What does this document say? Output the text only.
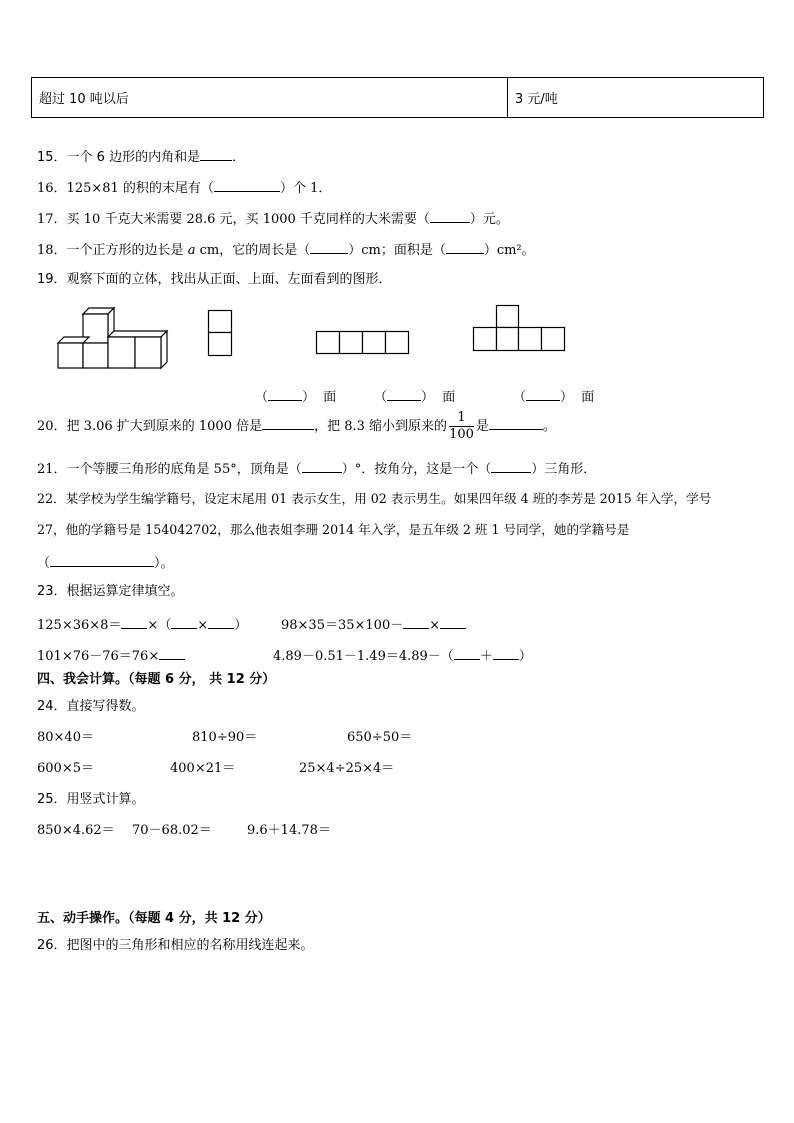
超过 10 吨以后	3 元/吨
15．一个 6 边形的内角和是 ．
16．125×81 的积的末尾有（	）个 1．
17．买 10 千克大米需要 28.6 元，买 1000 千克同样的大米需要（	）元。
18．一个正方形的边长是 a cm，它的周长是（	）cm；面积是（	）cm²。
19．观察下面的立体，找出从正面、上面、左面看到的图形．
（	） 面	（	） 面	（	） 面
20．把 3.06 扩大到原来的 1000 倍是	，把 8.3 缩小到原来的 $\frac{1}{100}$ 是	。
21．一个等腰三角形的底角是 55°，顶角是（	）°．按角分，这是一个（	）三角形．
22．某学校为学生编学籍号，设定末尾用 01 表示女生，用 02 表示男生。如果四年级 4 班的李芳是 2015 年入学，学号
27，他的学籍号是 154042702，那么他表姐李珊 2014 年入学，是五年级 2 班 1 号同学，她的学籍号是
（	）。
23．根据运算定律填空。
125×36×8＝ ×（ × ）	98×35＝35×100－ ×
101×76－76＝76×	4.89－0.51－1.49＝4.89－（ ＋ ）
四、我会计算。（每题 6 分， 共 12 分）
24．直接写得数。
80×40＝	810÷90＝	650÷50＝
600×5＝	400×21＝	25×4÷25×4＝
25．用竖式计算。
850×4.62＝ 70－68.02＝	9.6＋14.78＝
五、动手操作。（每题 4 分，共 12 分）
26．把图中的三角形和相应的名称用线连起来。
